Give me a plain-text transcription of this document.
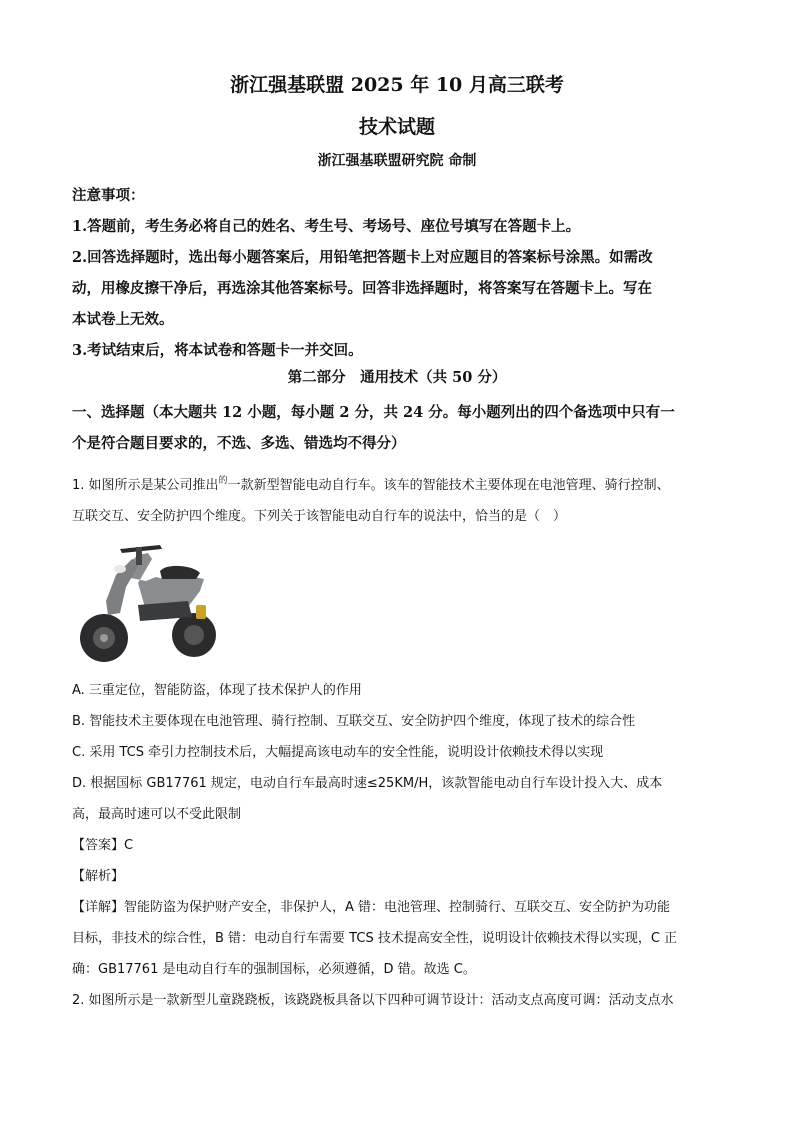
浙江强基联盟 2025 年 10 月高三联考
技术试题
浙江强基联盟研究院 命制

注意事项：

1.答题前，考生务必将自己的姓名、考生号、考场号、座位号填写在答题卡上。

2.回答选择题时，选出每小题答案后，用铅笔把答题卡上对应题目的答案标号涂黑。如需改

动，用橡皮擦干净后，再选涂其他答案标号。回答非选择题时，将答案写在答题卡上。写在

本试卷上无效。

3.考试结束后，将本试卷和答题卡一并交回。

第二部分　通用技术（共 50 分）
一、选择题（本大题共 12 小题，每小题 2 分，共 24 分。每小题列出的四个备选项中只有一
个是符合题目要求的，不选、多选、错选均不得分）

1. 如图所示是某公司推出$^的$一款新型智能电动自行车。该车的智能技术主要体现在电池管理、骑行控制、

互联交互、安全防护四个维度。下列关于该智能电动自行车的说法中，恰当的是（　）

A. 三重定位，智能防盗，体现了技术保护人的作用

B. 智能技术主要体现在电池管理、骑行控制、互联交互、安全防护四个维度，体现了技术的综合性

C. 采用 TCS 牵引力控制技术后，大幅提高该电动车的安全性能，说明设计依赖技术得以实现

D. 根据国标 GB17761 规定，电动自行车最高时速≤25KM/H，该款智能电动自行车设计投入大、成本

高，最高时速可以不受此限制

【答案】C

【解析】

【详解】智能防盗为保护财产安全，非保护人，A 错：电池管理、控制骑行、互联交互、安全防护为功能

目标，非技术的综合性，B 错：电动自行车需要 TCS 技术提高安全性，说明设计依赖技术得以实现，C 正

确：GB17761 是电动自行车的强制国标，必须遵循，D 错。故选 C。

2. 如图所示是一款新型儿童跷跷板，该跷跷板具备以下四种可调节设计：活动支点高度可调：活动支点水
